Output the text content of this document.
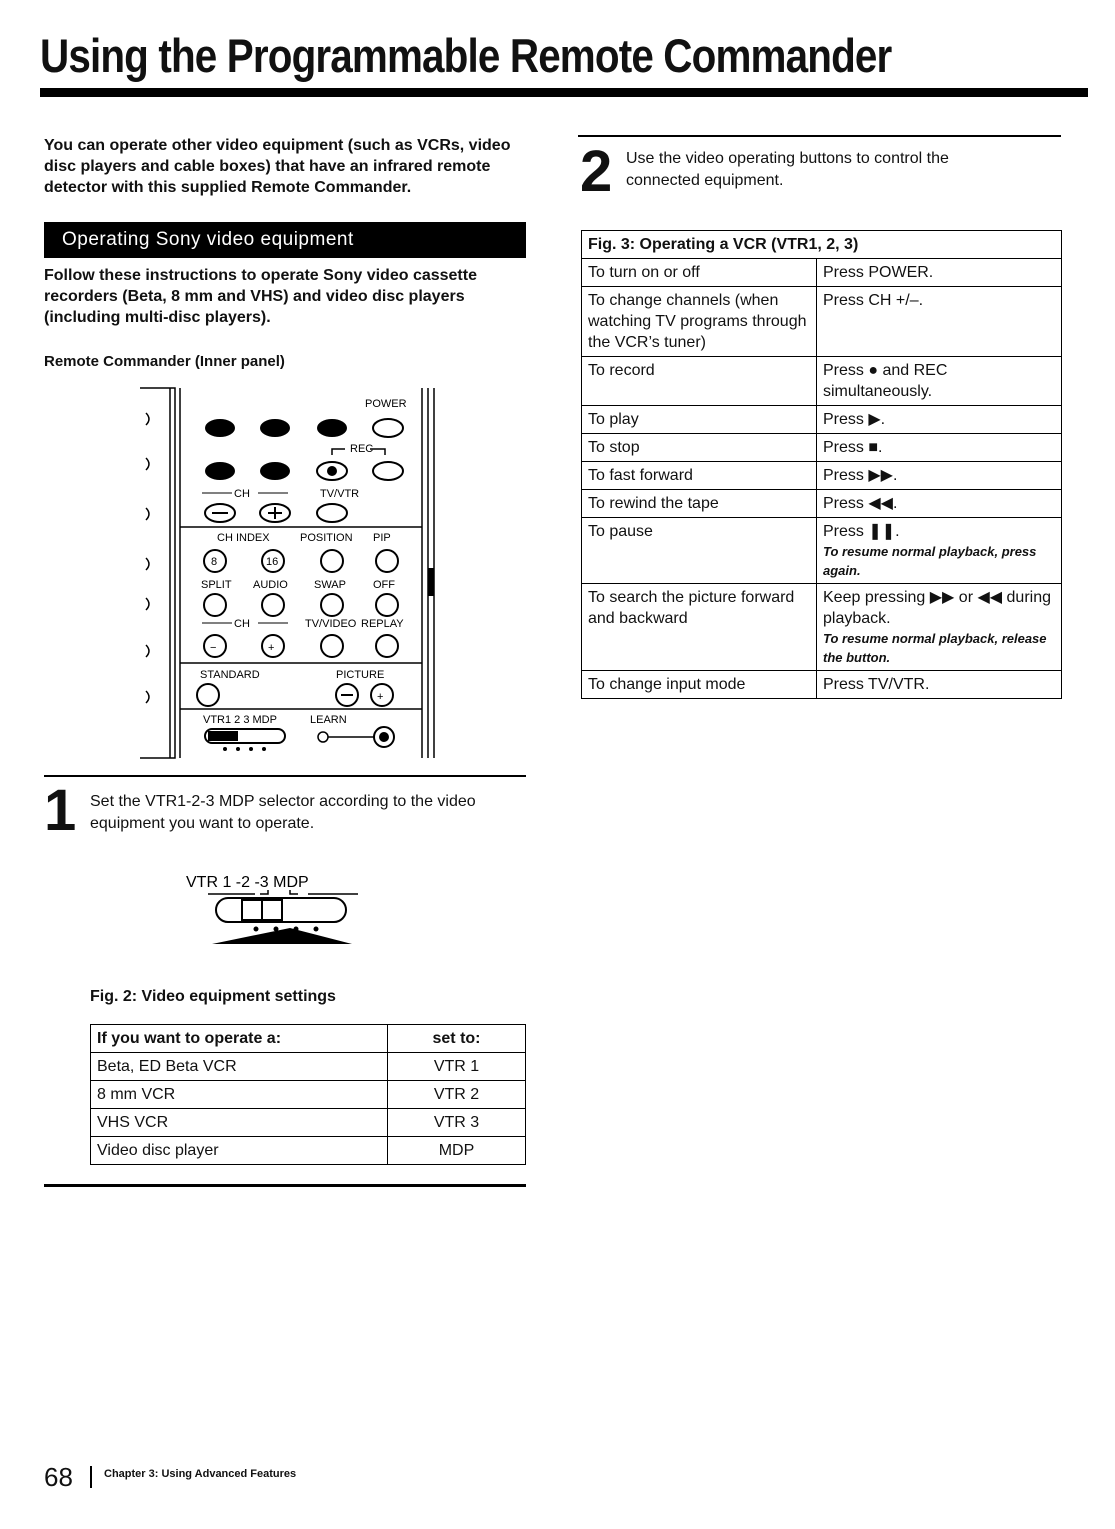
Using the Programmable Remote Commander
You can operate other video equipment (such as VCRs, video disc players and cable boxes) that have an infrared remote detector with this supplied Remote Commander.
Operating Sony video equipment
Follow these instructions to operate Sony video cassette recorders (Beta, 8 mm and VHS) and video disc players (including multi-disc players).
Remote Commander (Inner panel)
POWER
REC
CH	TV/VTR
CH INDEX	POSITION PIP
8	16
SPLIT AUDIO SWAP OFF
CH	TV/VIDEO REPLAY
−	+
STANDARD	PICTURE
+
VTR1 2 3 MDP	LEARN
1 Set the VTR1-2-3 MDP selector according to the video equipment you want to operate.
VTR 1 -2 -3 MDP
Fig. 2: Video equipment settings
If you want to operate a:	set to:
Beta, ED Beta VCR	VTR 1
8 mm VCR	VTR 2
VHS VCR	VTR 3
Video disc player	MDP
2 Use the video operating buttons to control the connected equipment.
Fig. 3: Operating a VCR (VTR1, 2, 3)	
To turn on or off	Press POWER.
To change channels (when watching TV programs through the VCR’s tuner)	Press CH +/–.
To record	Press ● and REC simultaneously.
To play	Press ▶.
To stop	Press ■.
To fast forward	Press ▶▶.
To rewind the tape	Press ◀◀.
To pause	Press ❚❚.
To resume normal playback, press again.

To search the picture forward and backward	Keep pressing ▶▶ or ◀◀ during playback.
To resume normal playback, release the button.

To change input mode	Press TV/VTR.
68	Chapter 3: Using Advanced Features
